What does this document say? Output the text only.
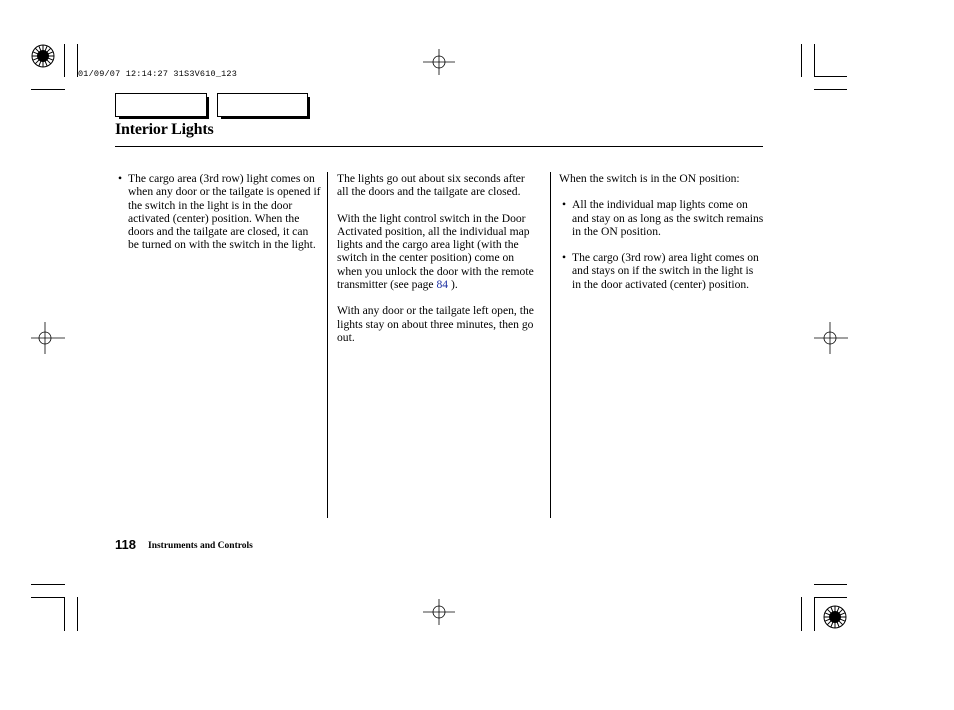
01/09/07 12:14:27 31S3V610_123
Interior Lights
• The cargo area (3rd row) light comes on when any door or the tailgate is opened if the switch in the light is in the door activated (center) position. When the doors and the tailgate are closed, it can be turned on with the switch in the light.

The lights go out about six seconds after all the doors and the tailgate are closed.

With the light control switch in the Door Activated position, all the individual map lights and the cargo area light (with the switch in the center position) come on when you unlock the door with the remote transmitter (see page 84 ).

With any door or the tailgate left open, the lights stay on about three minutes, then go out.

When the switch is in the ON position:

• All the individual map lights come on and stay on as long as the switch remains in the ON position.
• The cargo (3rd row) area light comes on and stays on if the switch in the light is in the door activated (center) position.
118 Instruments and Controls
